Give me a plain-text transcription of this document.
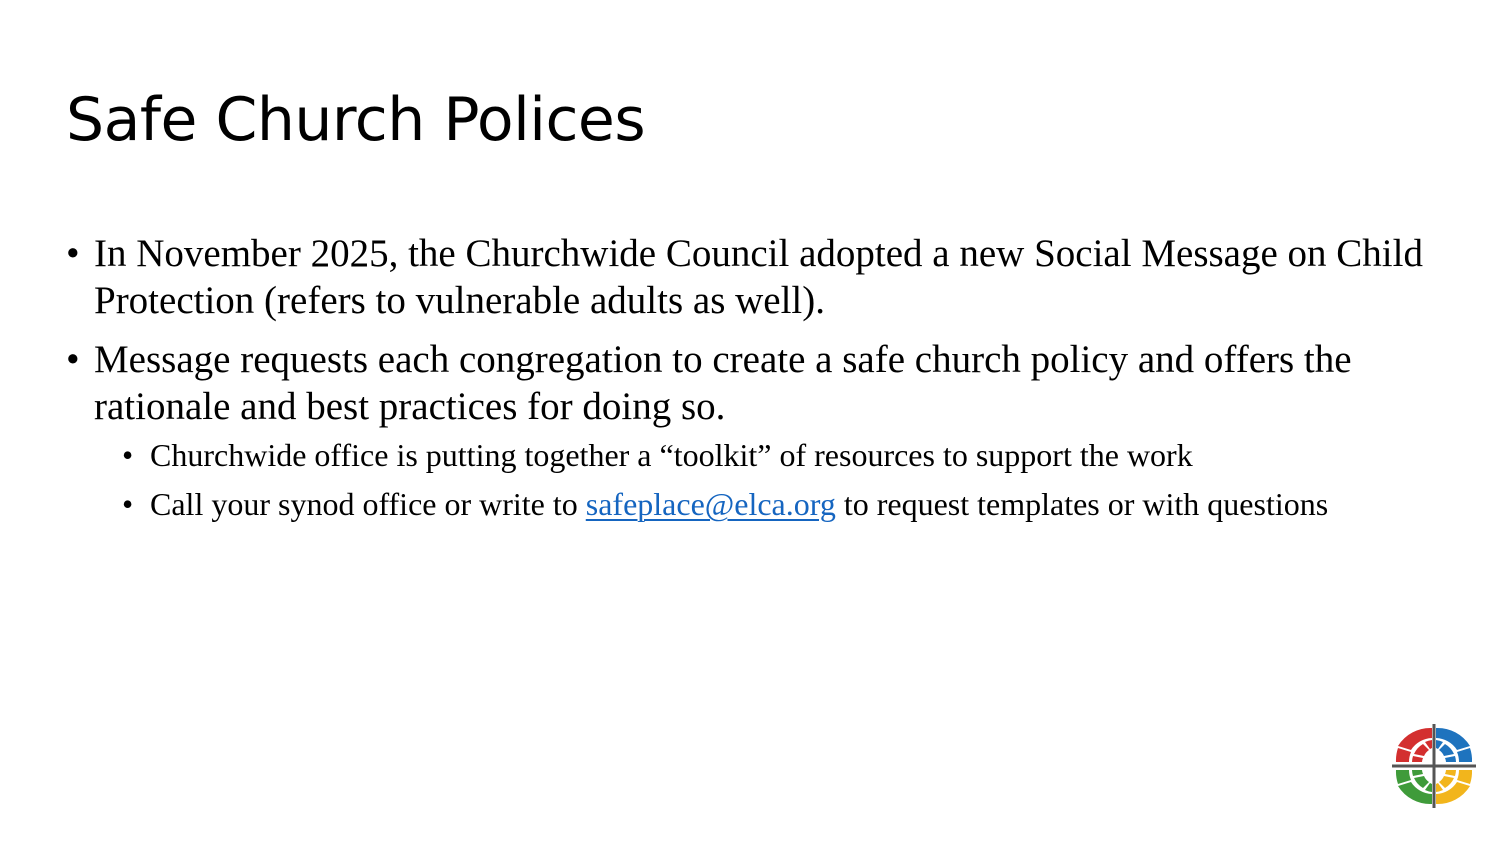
Safe Church Polices
• In November 2025, the Churchwide Council adopted a new Social Message on Child Protection (refers to vulnerable adults as well).
• Message requests each congregation to create a safe church policy and offers the rationale and best practices for doing so.
• Churchwide office is putting together a “toolkit” of resources to support the work
• Call your synod office or write to safeplace@elca.org to request templates or with questions
